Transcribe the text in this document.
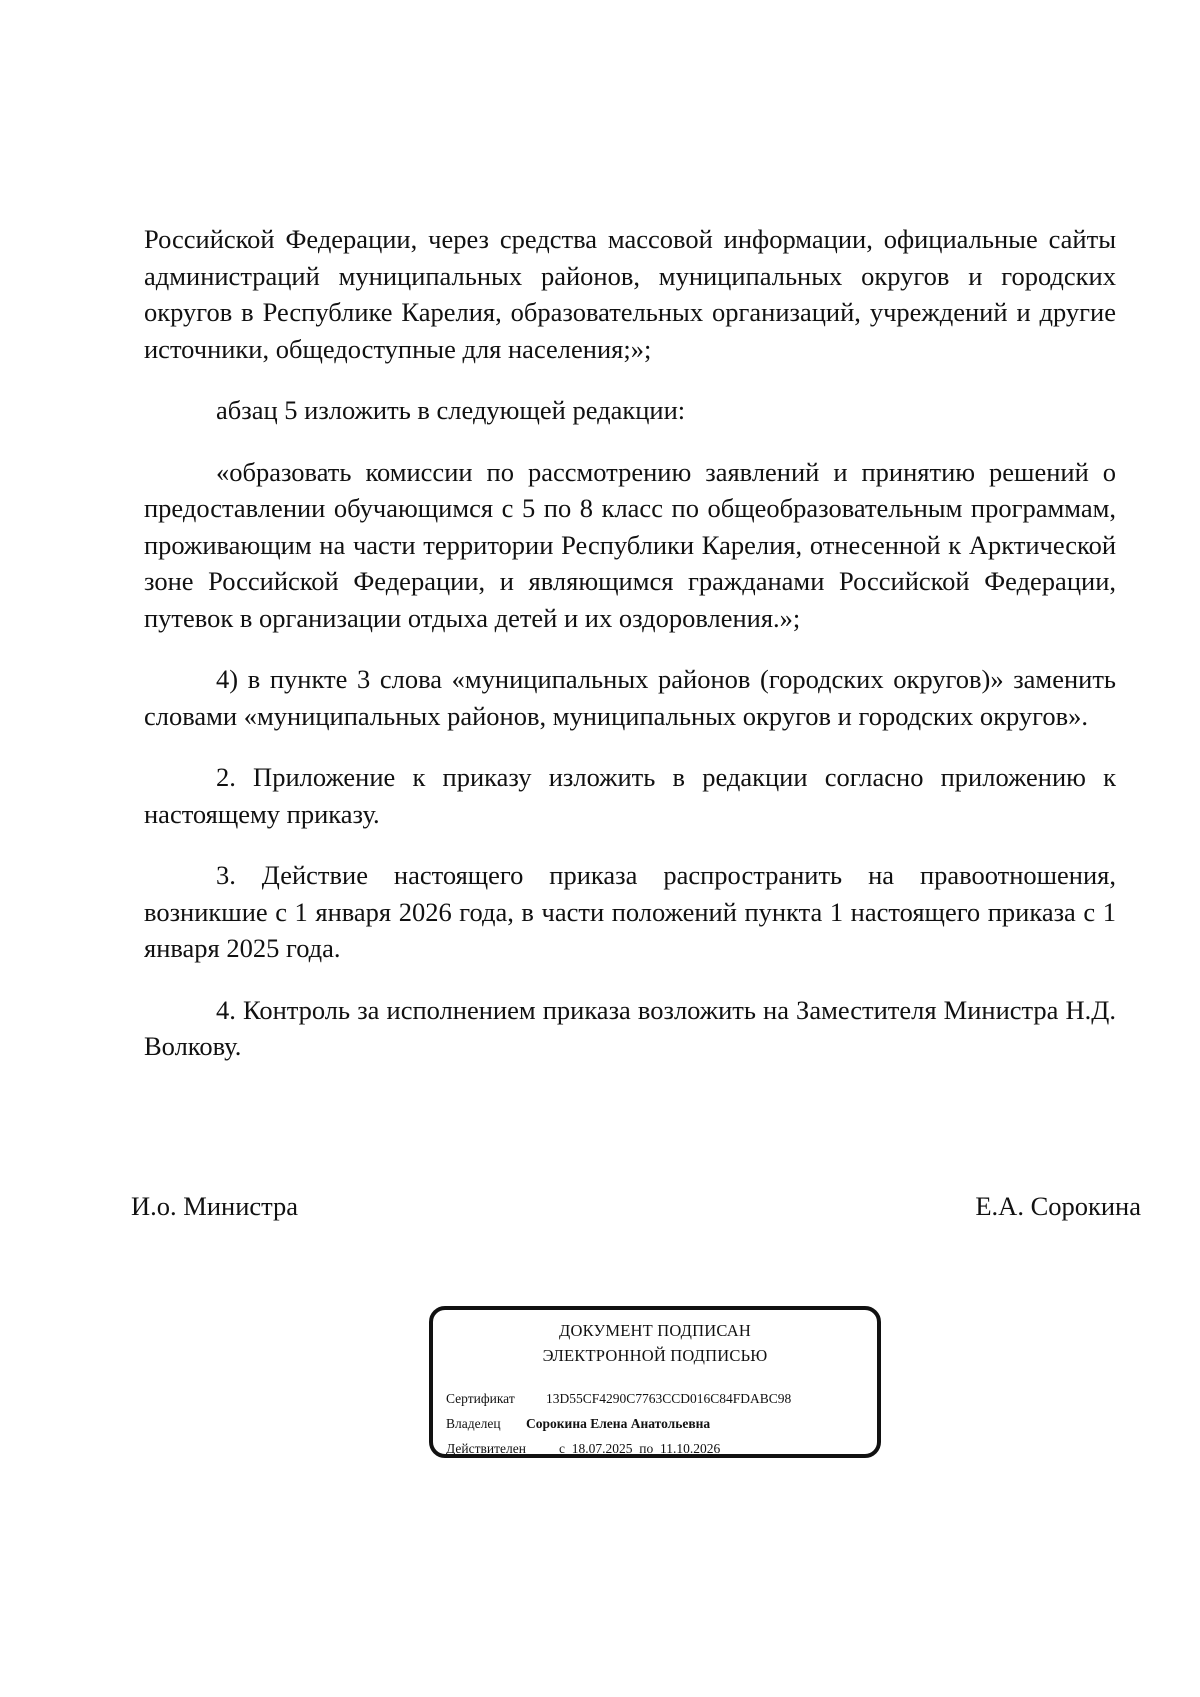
Российской Федерации, через средства массовой информации, официальные сайты администраций муниципальных районов, муниципальных округов и городских округов в Республике Карелия, образовательных организаций, учреждений и другие источники, общедоступные для населения;»;

абзац 5 изложить в следующей редакции:

«образовать комиссии по рассмотрению заявлений и принятию решений о предоставлении обучающимся с 5 по 8 класс по общеобразовательным программам, проживающим на части территории Республики Карелия, отнесенной к Арктической зоне Российской Федерации, и являющимся гражданами Российской Федерации, путевок в организации отдыха детей и их оздоровления.»;

4) в пункте 3 слова «муниципальных районов (городских округов)» заменить словами «муниципальных районов, муниципальных округов и городских округов».

2. Приложение к приказу изложить в редакции согласно приложению к настоящему приказу.

3. Действие настоящего приказа распространить на правоотношения, возникшие с 1 января 2026 года, в части положений пункта 1 настоящего приказа с 1 января 2025 года.

4. Контроль за исполнением приказа возложить на Заместителя Министра Н.Д. Волкову.

И.о. Министра	Е.А. Сорокина
ДОКУМЕНТ ПОДПИСАН
ЭЛЕКТРОННОЙ ПОДПИСЬЮ
Сертификат 13D55CF4290C7763CCD016C84FDABC98
Владелец Сорокина Елена Анатольевна
Действителен с 18.07.2025 по 11.10.2026
